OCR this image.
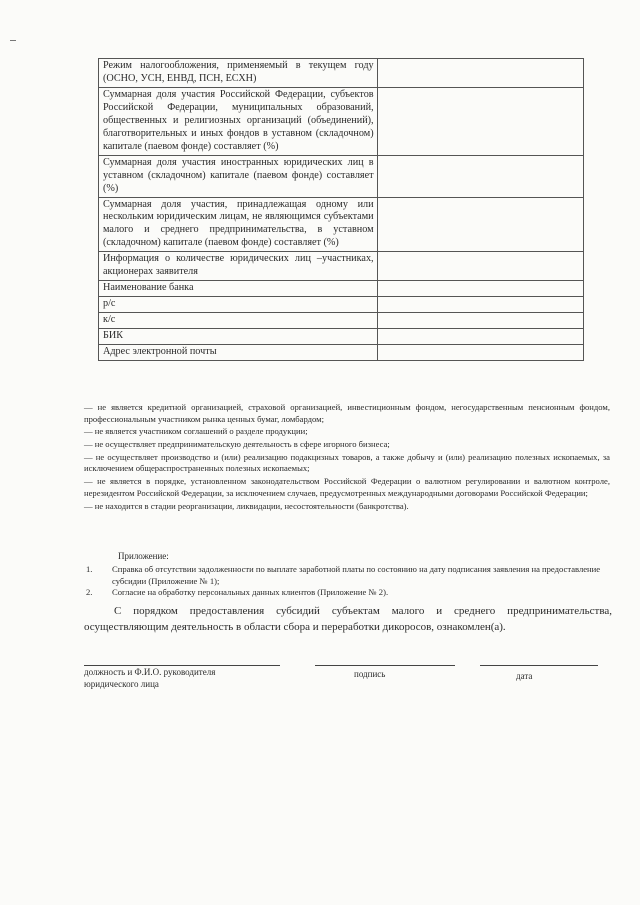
Режим налогообложения, применяемый в текущем году (ОСНО, УСН, ЕНВД, ПСН, ЕСХН)	
Суммарная доля участия Российской Федерации, субъектов Российской Федерации, муниципальных образований, общественных и религиозных организаций (объединений), благотворительных и иных фондов в уставном (складочном) капитале (паевом фонде) составляет (%)	
Суммарная доля участия иностранных юридических лиц в уставном (складочном) капитале (паевом фонде) составляет (%)	
Суммарная доля участия, принадлежащая одному или нескольким юридическим лицам, не являющимся субъектами малого и среднего предпринимательства, в уставном (складочном) капитале (паевом фонде) составляет (%)	
Информация о количестве юридических лиц –участниках, акционерах заявителя	
Наименование банка	
р/с	
к/с	
БИК	
Адрес электронной почты	
— не является кредитной организацией, страховой организацией, инвестиционным фондом, негосударственным пенсионным фондом, профессиональным участником рынка ценных бумаг, ломбардом;
— не является участником соглашений о разделе продукции;
— не осуществляет предпринимательскую деятельность в сфере игорного бизнеса;
— не осуществляет производство и (или) реализацию подакцизных товаров, а также добычу и (или) реализацию полезных ископаемых, за исключением общераспространенных полезных ископаемых;
— не является в порядке, установленном законодательством Российской Федерации о валютном регулировании и валютном контроле, нерезидентом Российской Федерации, за исключением случаев, предусмотренных международными договорами Российской Федерации;
— не находится в стадии реорганизации, ликвидации, несостоятельности (банкротства).
Приложение:
1.	Справка об отсутствии задолженности по выплате заработной платы по состоянию на дату подписания заявления на предоставление субсидии (Приложение № 1);
2.	Согласие на обработку персональных данных клиентов (Приложение № 2).
С порядком предоставления субсидий субъектам малого и среднего предпринимательства, осуществляющим деятельность в области сбора и переработки дикоросов, ознакомлен(а).
должность и Ф.И.О. руководителя юридического лица
подпись	дата
